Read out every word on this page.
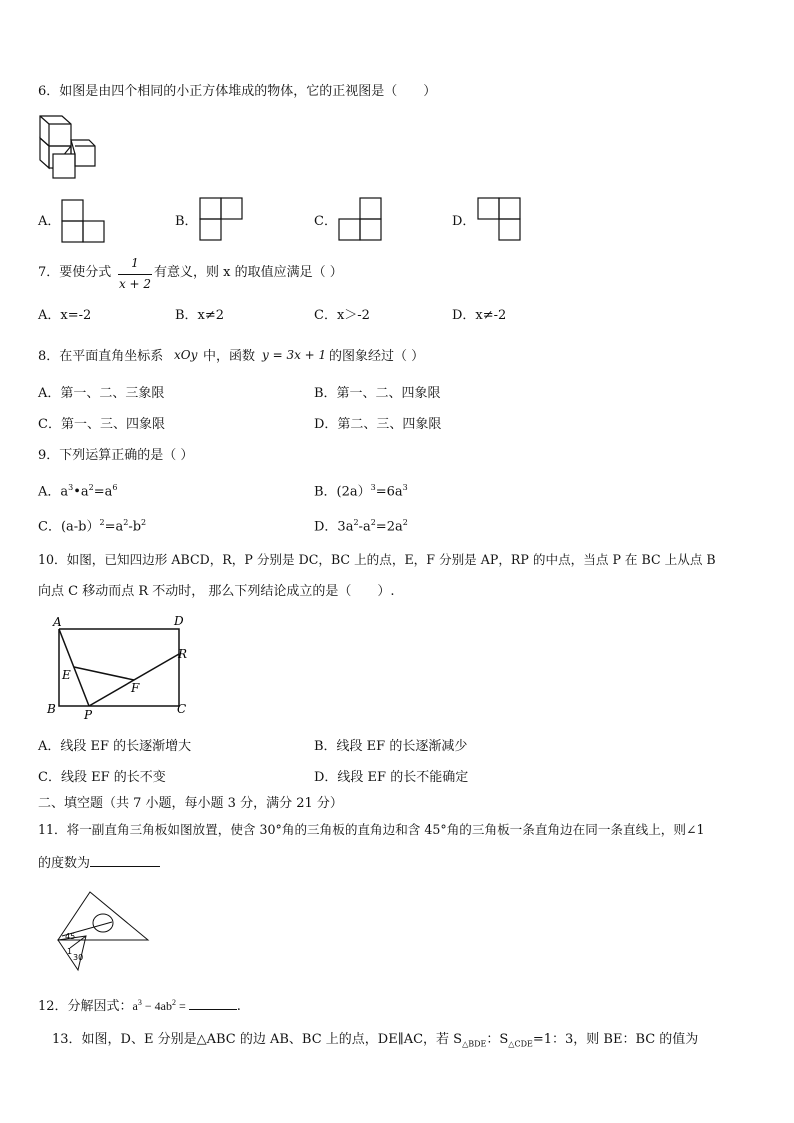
6．如图是由四个相同的小正方体堆成的物体，它的正视图是（　　）
A．	B．	C．	D．
7．要使分式
1
x + 2
有意义，则 x 的取值应满足（ ）
A．x=-2	B．x≠2	C．x＞-2	D．x≠-2
8．在平面直角坐标系 xOy 中，函数 y = 3x + 1 的图象经过（ ）
A．第一、二、三象限	B．第一、二、四象限
C．第一、三、四象限	D．第二、三、四象限
9．下列运算正确的是（ ）
A．$a^3•a^2=a^6$	B．$(2a)^3=6a^3$
C．$(a-b)^2=a^2-b^2$	D．$3a^2-a^2=2a^2$
10．如图，已知四边形 ABCD，R，P 分别是 DC，BC 上的点，E，F 分别是 AP，RP 的中点，当点 P 在 BC 上从点 B
向点 C 移动而点 R 不动时， 那么下列结论成立的是（　　）.
A	D
R
E
F
B P	C
A．线段 EF 的长逐渐增大	B．线段 EF 的长逐渐减少
C．线段 EF 的长不变	D．线段 EF 的长不能确定
二、填空题（共 7 小题，每小题 3 分，满分 21 分）
11．将一副直角三角板如图放置，使含 30°角的三角板的直角边和含 45°角的三角板一条直角边在同一条直线上，则∠1
的度数为
45
1
30
12．分解因式：$a^3 - 4ab^2$ =	.
13．如图，D、E 分别是△ABC 的边 AB、BC 上的点，DE∥AC，若 $S_{\triangle BDE}$：$S_{\triangle CDE}=1$：3，则 BE：BC 的值为
